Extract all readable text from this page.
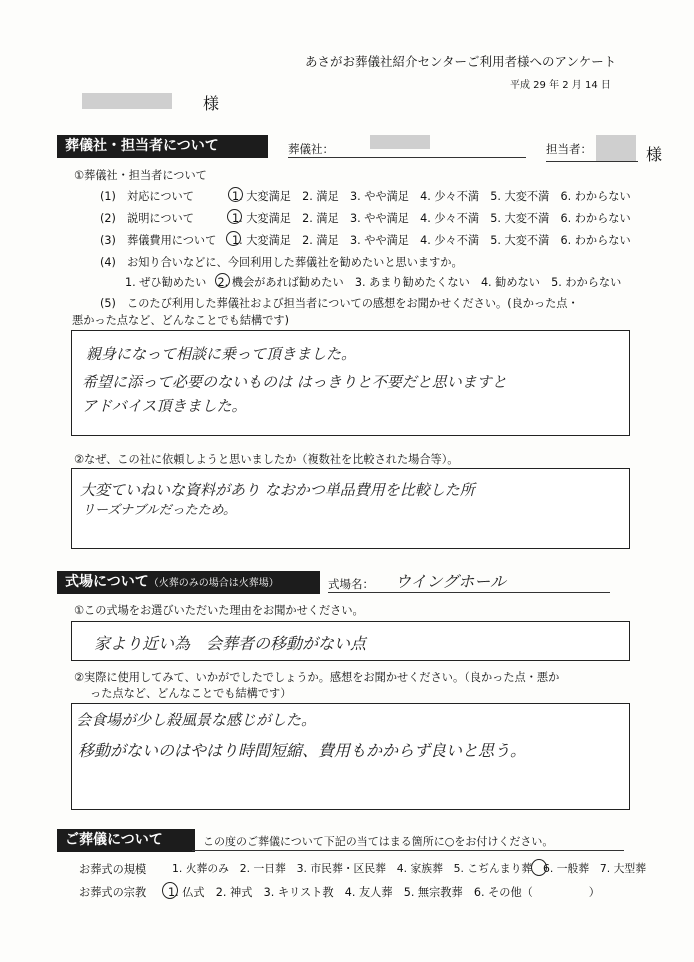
あさがお葬儀社紹介センターご利用者様へのアンケート
平成 29 年 2 月 14 日
様
葬儀社・担当者について	葬儀社：	担当者：	様
①葬儀社・担当者について
(1)　対応について	1. 大変満足　2. 満足　3. やや満足　4. 少々不満　5. 大変不満　6. わからない
(2)　説明について	1. 大変満足　2. 満足　3. やや満足　4. 少々不満　5. 大変不満　6. わからない
(3)　葬儀費用について 1. 大変満足　2. 満足　3. やや満足　4. 少々不満　5. 大変不満　6. わからない
(4)　お知り合いなどに、今回利用した葬儀社を勧めたいと思いますか。
1. ぜひ勧めたい　2. 機会があれば勧めたい　3. あまり勧めたくない　4. 勧めない　5. わからない
(5)　このたび利用した葬儀社および担当者についての感想をお聞かせください。(良かった点・
悪かった点など、どんなことでも結構です)
親身になって相談に乗って頂きました。
希望に添って必要のないものは はっきりと不要だと思いますと
アドバイス頂きました。
②なぜ、この社に依頼しようと思いましたか（複数社を比較された場合等）。
大変ていねいな資料があり なおかつ単品費用を比較した所
リーズナブルだったため。
式場について（火葬のみの場合は火葬場）	式場名： ウイングホール
①この式場をお選びいただいた理由をお聞かせください。
家より近い為　会葬者の移動がない点
②実際に使用してみて、いかがでしたでしょうか。感想をお聞かせください。（良かった点・悪か
った点など、どんなことでも結構です）
会食場が少し殺風景な感じがした。
移動がないのはやはり時間短縮、費用もかからず良いと思う。
ご葬儀について	この度のご葬儀について下記の当てはまる箇所に○をお付けください。
お葬式の規模 1. 火葬のみ　2. 一日葬　3. 市民葬・区民葬　4. 家族葬　5. こぢんまり葬　6. 一般葬　7. 大型葬
お葬式の宗教 1. 仏式　2. 神式　3. キリスト教　4. 友人葬　5. 無宗教葬　6. その他（　　　　　）
